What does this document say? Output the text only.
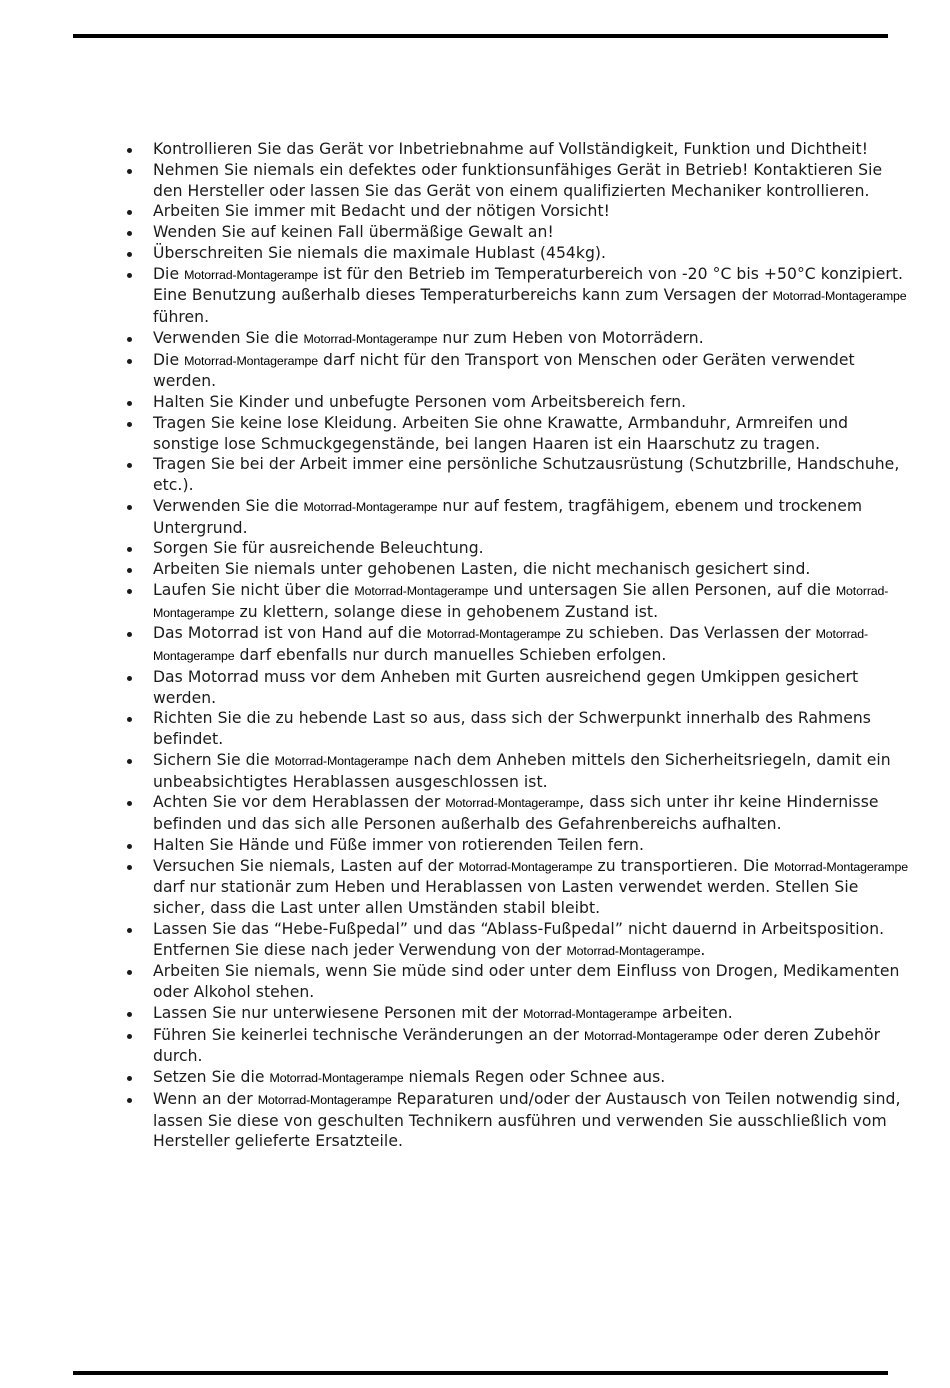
Kontrollieren Sie das Gerät vor Inbetriebnahme auf Vollständigkeit, Funktion und Dichtheit!
Nehmen Sie niemals ein defektes oder funktionsunfähiges Gerät in Betrieb! Kontaktieren Sie den Hersteller oder lassen Sie das Gerät von einem qualifizierten Mechaniker kontrollieren.
Arbeiten Sie immer mit Bedacht und der nötigen Vorsicht!
Wenden Sie auf keinen Fall übermäßige Gewalt an!
Überschreiten Sie niemals die maximale Hublast (454kg).
Die Motorrad-Montagerampe ist für den Betrieb im Temperaturbereich von -20 °C bis +50°C konzipiert. Eine Benutzung außerhalb dieses Temperaturbereichs kann zum Versagen der Motorrad-Montagerampe führen.
Verwenden Sie die Motorrad-Montagerampe nur zum Heben von Motorrädern.
Die Motorrad-Montagerampe darf nicht für den Transport von Menschen oder Geräten verwendet werden.
Halten Sie Kinder und unbefugte Personen vom Arbeitsbereich fern.
Tragen Sie keine lose Kleidung. Arbeiten Sie ohne Krawatte, Armbanduhr, Armreifen und sonstige lose Schmuckgegenstände, bei langen Haaren ist ein Haarschutz zu tragen.
Tragen Sie bei der Arbeit immer eine persönliche Schutzausrüstung (Schutzbrille, Handschuhe, etc.).
Verwenden Sie die Motorrad-Montagerampe nur auf festem, tragfähigem, ebenem und trockenem Untergrund.
Sorgen Sie für ausreichende Beleuchtung.
Arbeiten Sie niemals unter gehobenen Lasten, die nicht mechanisch gesichert sind.
Laufen Sie nicht über die Motorrad-Montagerampe und untersagen Sie allen Personen, auf die Motorrad-Montagerampe zu klettern, solange diese in gehobenem Zustand ist.
Das Motorrad ist von Hand auf die Motorrad-Montagerampe zu schieben. Das Verlassen der Motorrad-Montagerampe darf ebenfalls nur durch manuelles Schieben erfolgen.
Das Motorrad muss vor dem Anheben mit Gurten ausreichend gegen Umkippen gesichert werden.
Richten Sie die zu hebende Last so aus, dass sich der Schwerpunkt innerhalb des Rahmens befindet.
Sichern Sie die Motorrad-Montagerampe nach dem Anheben mittels den Sicherheitsriegeln, damit ein unbeabsichtigtes Herablassen ausgeschlossen ist.
Achten Sie vor dem Herablassen der Motorrad-Montagerampe, dass sich unter ihr keine Hindernisse befinden und das sich alle Personen außerhalb des Gefahrenbereichs aufhalten.
Halten Sie Hände und Füße immer von rotierenden Teilen fern.
Versuchen Sie niemals, Lasten auf der Motorrad-Montagerampe zu transportieren. Die Motorrad-Montagerampe darf nur stationär zum Heben und Herablassen von Lasten verwendet werden. Stellen Sie sicher, dass die Last unter allen Umständen stabil bleibt.
Lassen Sie das “Hebe-Fußpedal” und das “Ablass-Fußpedal” nicht dauernd in Arbeitsposition. Entfernen Sie diese nach jeder Verwendung von der Motorrad-Montagerampe.
Arbeiten Sie niemals, wenn Sie müde sind oder unter dem Einfluss von Drogen, Medikamenten oder Alkohol stehen.
Lassen Sie nur unterwiesene Personen mit der Motorrad-Montagerampe arbeiten.
Führen Sie keinerlei technische Veränderungen an der Motorrad-Montagerampe oder deren Zubehör durch.
Setzen Sie die Motorrad-Montagerampe niemals Regen oder Schnee aus.
Wenn an der Motorrad-Montagerampe Reparaturen und/oder der Austausch von Teilen notwendig sind, lassen Sie diese von geschulten Technikern ausführen und verwenden Sie ausschließlich vom Hersteller gelieferte Ersatzteile.
